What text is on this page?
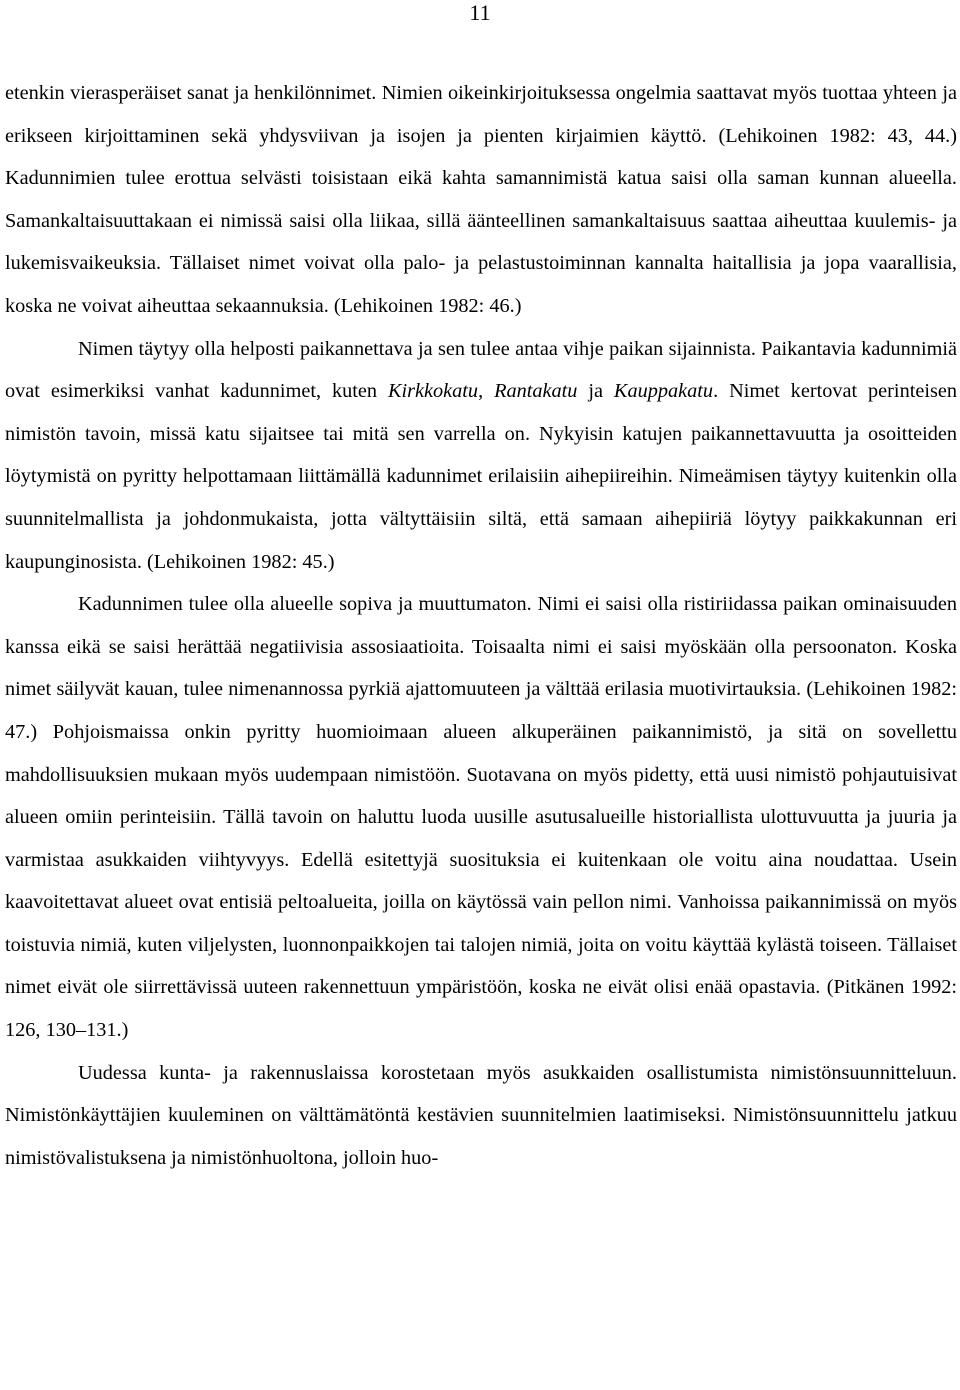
11

etenkin vierasperäiset sanat ja henkilönnimet. Nimien oikeinkirjoituksessa ongelmia saattavat myös tuottaa yhteen ja erikseen kirjoittaminen sekä yhdysviivan ja isojen ja pienten kirjaimien käyttö. (Lehikoinen 1982: 43, 44.) Kadunnimien tulee erottua selvästi toisistaan eikä kahta samannimistä katua saisi olla saman kunnan alueella. Samankaltaisuuttakaan ei nimissä saisi olla liikaa, sillä äänteellinen samankaltaisuus saattaa aiheuttaa kuulemis- ja lukemisvaikeuksia. Tällaiset nimet voivat olla palo- ja pelastustoiminnan kannalta haitallisia ja jopa vaarallisia, koska ne voivat aiheuttaa sekaannuksia. (Lehikoinen 1982: 46.)

Nimen täytyy olla helposti paikannettava ja sen tulee antaa vihje paikan sijainnista. Paikantavia kadunnimiä ovat esimerkiksi vanhat kadunnimet, kuten Kirkkokatu, Rantakatu ja Kauppakatu. Nimet kertovat perinteisen nimistön tavoin, missä katu sijaitsee tai mitä sen varrella on. Nykyisin katujen paikannettavuutta ja osoitteiden löytymistä on pyritty helpottamaan liittämällä kadunnimet erilaisiin aihepiireihin. Nimeämisen täytyy kuitenkin olla suunnitelmallista ja johdonmukaista, jotta vältyttäisiin siltä, että samaan aihepiiriä löytyy paikkakunnan eri kaupunginosista. (Lehikoinen 1982: 45.)

Kadunnimen tulee olla alueelle sopiva ja muuttumaton. Nimi ei saisi olla ristiriidassa paikan ominaisuuden kanssa eikä se saisi herättää negatiivisia assosiaatioita. Toisaalta nimi ei saisi myöskään olla persoonaton. Koska nimet säilyvät kauan, tulee nimenannossa pyrkiä ajattomuuteen ja välttää erilasia muotivirtauksia. (Lehikoinen 1982: 47.) Pohjoismaissa onkin pyritty huomioimaan alueen alkuperäinen paikannimistö, ja sitä on sovellettu mahdollisuuksien mukaan myös uudempaan nimistöön. Suotavana on myös pidetty, että uusi nimistö pohjautuisivat alueen omiin perinteisiin. Tällä tavoin on haluttu luoda uusille asutusalueille historiallista ulottuvuutta ja juuria ja varmistaa asukkaiden viihtyvyys. Edellä esitettyjä suosituksia ei kuitenkaan ole voitu aina noudattaa. Usein kaavoitettavat alueet ovat entisiä peltoalueita, joilla on käytössä vain pellon nimi. Vanhoissa paikannimissä on myös toistuvia nimiä, kuten viljelysten, luonnonpaikkojen tai talojen nimiä, joita on voitu käyttää kylästä toiseen. Tällaiset nimet eivät ole siirrettävissä uuteen rakennettuun ympäristöön, koska ne eivät olisi enää opastavia. (Pitkänen 1992: 126, 130–131.)

Uudessa kunta- ja rakennuslaissa korostetaan myös asukkaiden osallistumista nimistönsuunnitteluun. Nimistönkäyttäjien kuuleminen on välttämätöntä kestävien suunnitelmien laatimiseksi. Nimistönsuunnittelu jatkuu nimistövalistuksena ja nimistönhuoltona, jolloin huo-
